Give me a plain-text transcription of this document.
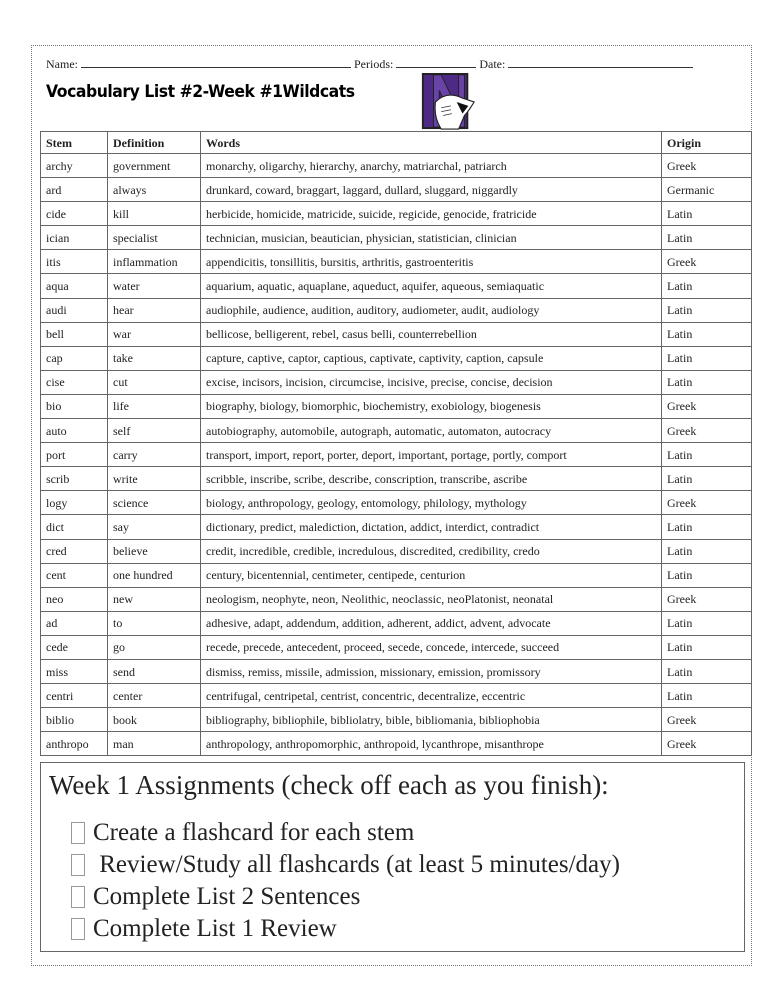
Name:	Periods:	Date:
Vocabulary List #2-Week #1Wildcats
Stem	Definition	Words	Origin
archy	government	monarchy, oligarchy, hierarchy, anarchy, matriarchal, patriarch	Greek
ard	always	drunkard, coward, braggart, laggard, dullard, sluggard, niggardly	Germanic
cide	kill	herbicide, homicide, matricide, suicide, regicide, genocide, fratricide	Latin
ician	specialist	technician, musician, beautician, physician, statistician, clinician	Latin
itis	inflammation	appendicitis, tonsillitis, bursitis, arthritis, gastroenteritis	Greek
aqua	water	aquarium, aquatic, aquaplane, aqueduct, aquifer, aqueous, semiaquatic	Latin
audi	hear	audiophile, audience, audition, auditory, audiometer, audit, audiology	Latin
bell	war	bellicose, belligerent, rebel, casus belli, counterrebellion	Latin
cap	take	capture, captive, captor, captious, captivate, captivity, caption, capsule	Latin
cise	cut	excise, incisors, incision, circumcise, incisive, precise, concise, decision	Latin
bio	life	biography, biology, biomorphic, biochemistry, exobiology, biogenesis	Greek
auto	self	autobiography, automobile, autograph, automatic, automaton, autocracy	Greek
port	carry	transport, import, report, porter, deport, important, portage, portly, comport	Latin
scrib	write	scribble, inscribe, scribe, describe, conscription, transcribe, ascribe	Latin
logy	science	biology, anthropology, geology, entomology, philology, mythology	Greek
dict	say	dictionary, predict, malediction, dictation, addict, interdict, contradict	Latin
cred	believe	credit, incredible, credible, incredulous, discredited, credibility, credo	Latin
cent	one hundred	century, bicentennial, centimeter, centipede, centurion	Latin
neo	new	neologism, neophyte, neon, Neolithic, neoclassic, neoPlatonist, neonatal	Greek
ad	to	adhesive, adapt, addendum, addition, adherent, addict, advent, advocate	Latin
cede	go	recede, precede, antecedent, proceed, secede, concede, intercede, succeed	Latin
miss	send	dismiss, remiss, missile, admission, missionary, emission, promissory	Latin
centri	center	centrifugal, centripetal, centrist, concentric, decentralize, eccentric	Latin
biblio	book	bibliography, bibliophile, bibliolatry, bible, bibliomania, bibliophobia	Greek
anthropo	man	anthropology, anthropomorphic, anthropoid, lycanthrope, misanthrope	Greek
Week 1 Assignments (check off each as you finish):
Create a flashcard for each stem
Review/Study all flashcards (at least 5 minutes/day)
Complete List 2 Sentences
Complete List 1 Review
